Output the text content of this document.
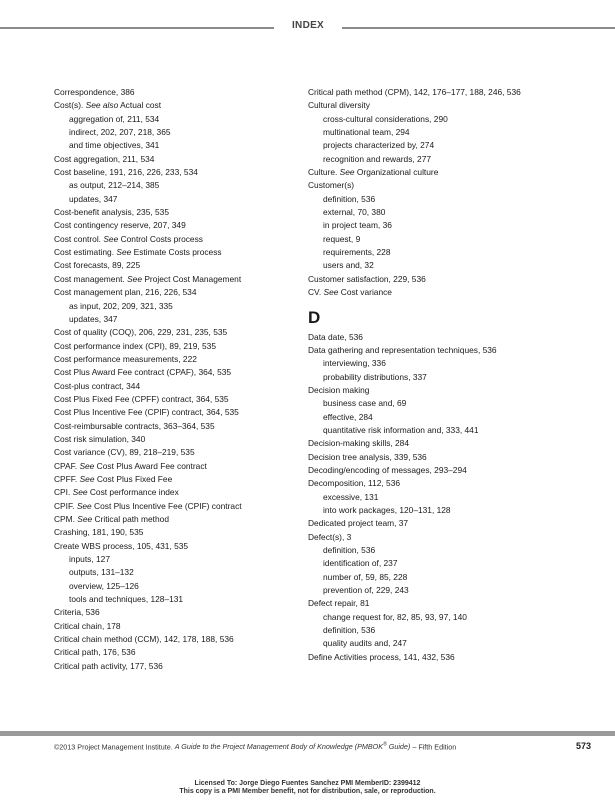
INDEX
Correspondence, 386
Cost(s). See also Actual cost
aggregation of, 211, 534
indirect, 202, 207, 218, 365
and time objectives, 341
Cost aggregation, 211, 534
Cost baseline, 191, 216, 226, 233, 534
as output, 212–214, 385
updates, 347
Cost-benefit analysis, 235, 535
Cost contingency reserve, 207, 349
Cost control. See Control Costs process
Cost estimating. See Estimate Costs process
Cost forecasts, 89, 225
Cost management. See Project Cost Management
Cost management plan, 216, 226, 534
as input, 202, 209, 321, 335
updates, 347
Cost of quality (COQ), 206, 229, 231, 235, 535
Cost performance index (CPI), 89, 219, 535
Cost performance measurements, 222
Cost Plus Award Fee contract (CPAF), 364, 535
Cost-plus contract, 344
Cost Plus Fixed Fee (CPFF) contract, 364, 535
Cost Plus Incentive Fee (CPIF) contract, 364, 535
Cost-reimbursable contracts, 363–364, 535
Cost risk simulation, 340
Cost variance (CV), 89, 218–219, 535
CPAF. See Cost Plus Award Fee contract
CPFF. See Cost Plus Fixed Fee
CPI. See Cost performance index
CPIF. See Cost Plus Incentive Fee (CPIF) contract
CPM. See Critical path method
Crashing, 181, 190, 535
Create WBS process, 105, 431, 535
inputs, 127
outputs, 131–132
overview, 125–126
tools and techniques, 128–131
Criteria, 536
Critical chain, 178
Critical chain method (CCM), 142, 178, 188, 536
Critical path, 176, 536
Critical path activity, 177, 536
Critical path method (CPM), 142, 176–177, 188, 246, 536
Cultural diversity
cross-cultural considerations, 290
multinational team, 294
projects characterized by, 274
recognition and rewards, 277
Culture. See Organizational culture
Customer(s)
definition, 536
external, 70, 380
in project team, 36
request, 9
requirements, 228
users and, 32
Customer satisfaction, 229, 536
CV. See Cost variance
D
Data date, 536
Data gathering and representation techniques, 536
interviewing, 336
probability distributions, 337
Decision making
business case and, 69
effective, 284
quantitative risk information and, 333, 441
Decision-making skills, 284
Decision tree analysis, 339, 536
Decoding/encoding of messages, 293–294
Decomposition, 112, 536
excessive, 131
into work packages, 120–131, 128
Dedicated project team, 37
Defect(s), 3
definition, 536
identification of, 237
number of, 59, 85, 228
prevention of, 229, 243
Defect repair, 81
change request for, 82, 85, 93, 97, 140
definition, 536
quality audits and, 247
Define Activities process, 141, 432, 536
©2013 Project Management Institute. A Guide to the Project Management Body of Knowledge (PMBOK® Guide) – Fifth Edition	573
Licensed To: Jorge Diego Fuentes Sanchez PMI MemberID: 2399412
This copy is a PMI Member benefit, not for distribution, sale, or reproduction.
